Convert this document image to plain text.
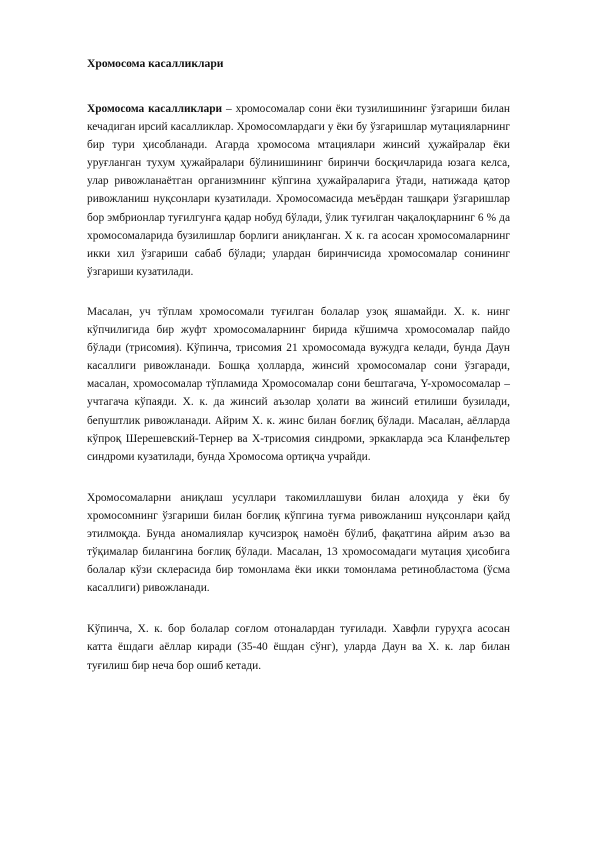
Хромосома касалликлари

Хромосома касалликлари – хромосомалар сони ёки тузилишининг ўзгариши билан кечадиган ирсий касалликлар. Хромосомлардаги у ёки бу ўзгаришлар мутацияларнинг бир тури ҳисобланади. Агарда хромосома мтациялари жинсий ҳужайралар ёки уруғланган тухум ҳужайралари бўлинишининг биринчи босқичларида юзага келса, улар ривожланаётган организмнинг кўпгина ҳужайраларига ўтади, натижада қатор ривожланиш нуқсонлари кузатилади. Хромосомасида меъёрдан ташқари ўзгаришлар бор эмбрионлар туғилгунга қадар нобуд бўлади, ўлик туғилган чақалоқларнинг 6 % да хромосомаларида бузилишлар борлиги аниқланган. X к. га асосан хромосомаларнинг икки хил ўзгариши сабаб бўлади; улардан биринчисида хромосомалар сонининг ўзгариши кузатилади.

Масалан, уч тўплам хромосомали туғилган болалар узоқ яшамайди. Х. к. нинг кўпчилигида бир жуфт хромосомаларнинг бирида кўшимча хромосомалар пайдо бўлади (трисомия). Кўпинча, трисомия 21 хромосомада вужудга келади, бунда Даун касаллиги ривожланади. Бошқа ҳолларда, жинсий хромосомалар сони ўзгаради, масалан, хромосомалар тўпламида Хромосомалар сони бештагача, Y-хромосомалар – учтагача кўпаяди. Х. к. да жинсий аъзолар ҳолати ва жинсий етилиши бузилади, бепуштлик ривожланади. Айрим Х. к. жинс билан боғлиқ бўлади. Масалан, аёлларда кўпроқ Шерешевский-Тернер ва X-трисомия синдроми, эркакларда эса Кланфельтер синдроми кузатилади, бунда Хромосома ортиқча учрайди.

Хромосомаларни аниқлаш усуллари такомиллашуви билан алоҳида у ёки бу хромосомнинг ўзгариши билан боғлиқ кўпгина туғма ривожланиш нуқсонлари қайд этилмоқда. Бунда аномалиялар кучсизроқ намоён бўлиб, фақатгина айрим аъзо ва тўқималар билангина боғлиқ бўлади. Масалан, 13 хромосомадаги мутация ҳисобига болалар кўзи склерасида бир томонлама ёки икки томонлама ретинобластома (ўсма касаллиги) ривожланади.

Кўпинча, Х. к. бор болалар соғлом отоналардан туғилади. Хавфли гуруҳга асосан катта ёшдаги аёллар киради (35-40 ёшдан сўнг), уларда Даун ва Х. к. лар билан туғилиш бир неча бор ошиб кетади.
